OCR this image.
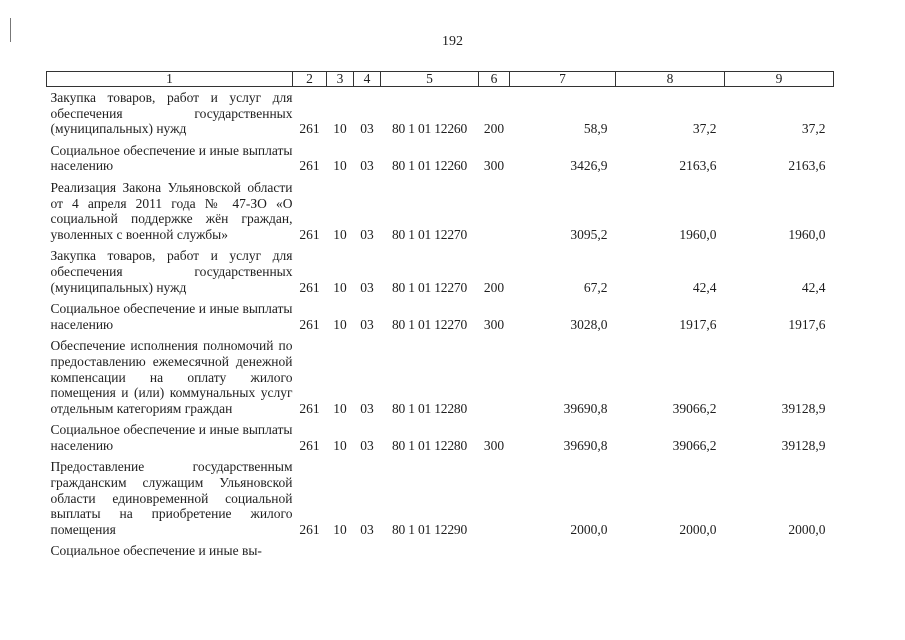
192
1	2	3	4	5	6	7	8	9
Закупка товаров, работ и услуг для обеспечения государственных (муниципальных) нужд	261	10	03	80 1 01 12260	200	58,9	37,2	37,2
Социальное обеспечение и иные выплаты населению	261	10	03	80 1 01 12260	300	3426,9	2163,6	2163,6
Реализация Закона Ульяновской области от 4 апреля 2011 года № 47-ЗО «О социальной поддержке жён граждан, уволенных с военной службы»	261	10	03	80 1 01 12270		3095,2	1960,0	1960,0
Закупка товаров, работ и услуг для обеспечения государственных (муниципальных) нужд	261	10	03	80 1 01 12270	200	67,2	42,4	42,4
Социальное обеспечение и иные выплаты населению	261	10	03	80 1 01 12270	300	3028,0	1917,6	1917,6
Обеспечение исполнения полномочий по предоставлению ежемесячной денежной компенсации на оплату жилого помещения и (или) коммунальных услуг отдельным категориям граждан	261	10	03	80 1 01 12280		39690,8	39066,2	39128,9
Социальное обеспечение и иные выплаты населению	261	10	03	80 1 01 12280	300	39690,8	39066,2	39128,9
Предоставление государственным гражданским служащим Ульяновской области единовременной социальной выплаты на приобретение жилого помещения	261	10	03	80 1 01 12290		2000,0	2000,0	2000,0
Социальное обеспечение и иные вы-								
